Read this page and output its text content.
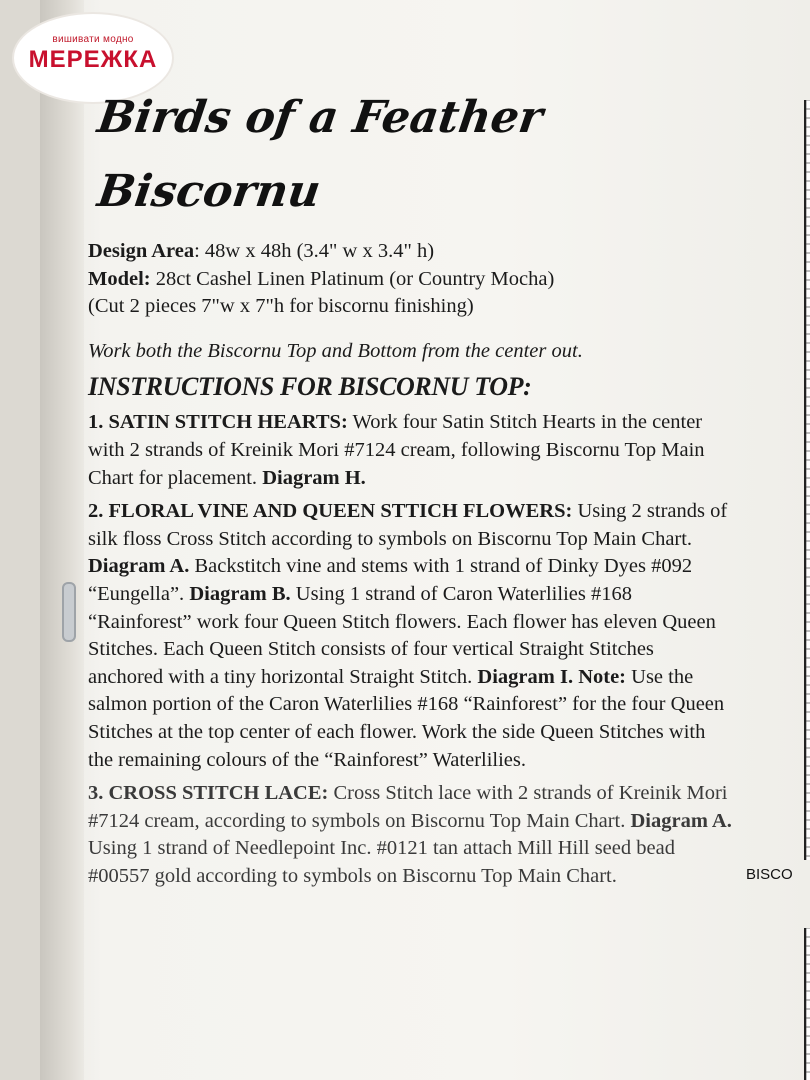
BISCO
вишивати модно
МЕРЕЖКА
Birds of a Feather
Biscornu

Design Area: 48w x 48h (3.4" w x 3.4" h)

Model: 28ct Cashel Linen Platinum (or Country Mocha)

(Cut 2 pieces 7"w x 7"h for biscornu finishing)

Work both the Biscornu Top and Bottom from the center out.

INSTRUCTIONS FOR BISCORNU TOP:

1. SATIN STITCH HEARTS: Work four Satin Stitch Hearts in the center with 2 strands of Kreinik Mori #7124 cream, following Biscornu Top Main Chart for placement. Diagram H.

2. FLORAL VINE AND QUEEN STTICH FLOWERS: Using 2 strands of silk floss Cross Stitch according to symbols on Biscornu Top Main Chart. Diagram A. Backstitch vine and stems with 1 strand of Dinky Dyes #092 “Eungella”. Diagram B. Using 1 strand of Caron Waterlilies #168 “Rainforest” work four Queen Stitch flowers. Each flower has eleven Queen Stitches. Each Queen Stitch consists of four vertical Straight Stitches anchored with a tiny horizontal Straight Stitch. Diagram I. Note: Use the salmon portion of the Caron Waterlilies #168 “Rainforest” for the four Queen Stitches at the top center of each flower. Work the side Queen Stitches with the remaining colours of the “Rainforest” Waterlilies.

3. CROSS STITCH LACE: Cross Stitch lace with 2 strands of Kreinik Mori #7124 cream, according to symbols on Biscornu Top Main Chart. Diagram A. Using 1 strand of Needlepoint Inc. #0121 tan attach Mill Hill seed bead #00557 gold according to symbols on Biscornu Top Main Chart.
